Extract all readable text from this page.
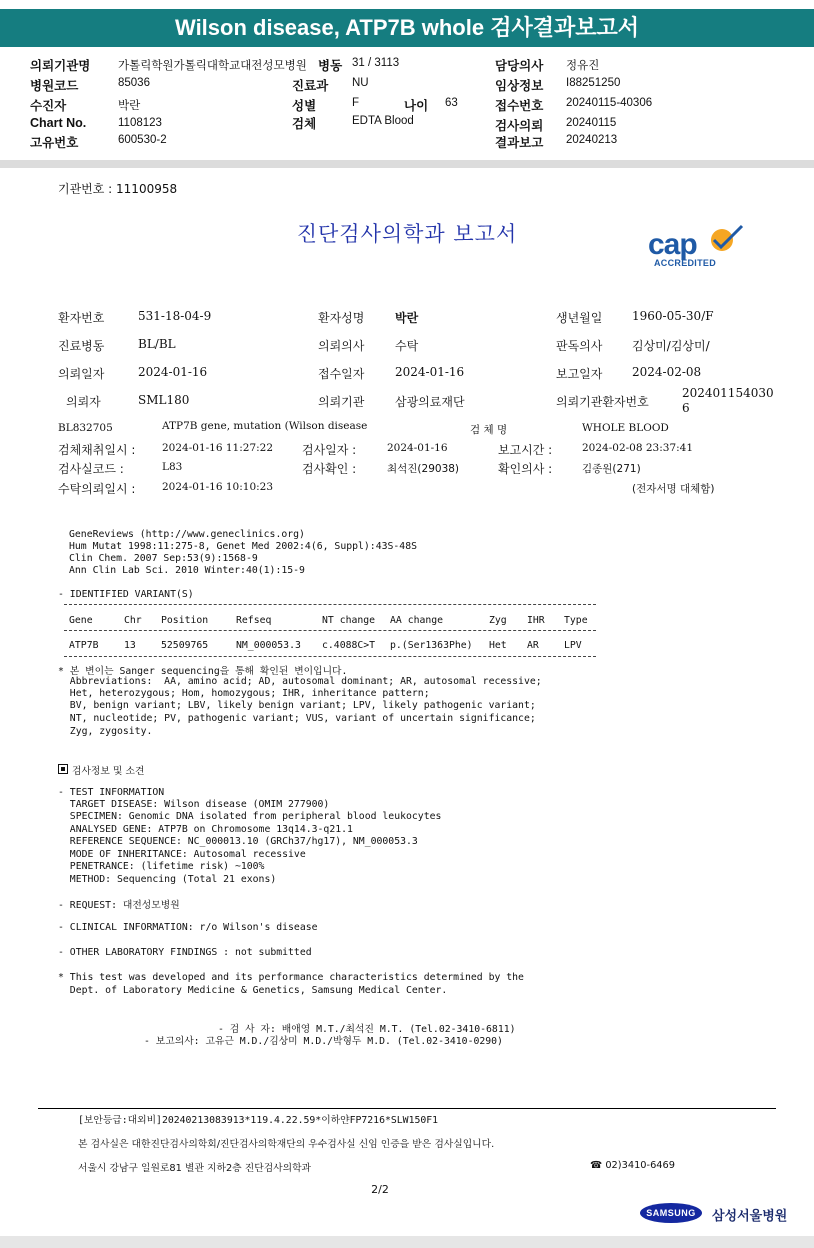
Wilson disease, ATP7B whole 검사결과보고서
의뢰기관명 가톨릭학원가톨릭대학교대전성모병원 병동 31 / 3113	담당의사 정유진
병원코드	85036	진료과 NU	임상정보 I88251250
수진자	박란	성별	F	나이 63	접수번호 20240115-40306
Chart No.	1108123	검체	EDTA Blood	검사의뢰 20240115
고유번호	600530-2	결과보고 20240213
기관번호 : 11100958
진단검사의학과 보고서	cap
ACCREDITED
환자번호	531-18-04-9	환자성명	박란	생년월일 1960-05-30/F
진료병동	BL/BL	의뢰의사	수탁	판독의사 김상미/김상미/
의뢰일자	2024-01-16	접수일자	2024-01-16	보고일자 2024-02-08
의뢰자	SML180	의뢰기관	삼광의료재단	의뢰기관환자번호
202401154030
6
BL832705	ATP7B gene, mutation (Wilson disease	검 체 명	WHOLE BLOOD
검체채취일시 :	2024-01-16 11:27:22 검사일자 :	2024-01-16	보고시간 :	2024-02-08 23:37:41
검사실코드 :	L83	검사확인 :	최석진(29038)	확인의사 :	김종원(271)
수탁의뢰일시 :	2024-01-16 10:10:23	(전자서명 대체함)
GeneReviews (http://www.geneclinics.org)
Hum Mutat 1998:11:275-8, Genet Med 2002:4(6, Suppl):43S-48S
Clin Chem. 2007 Sep:53(9):1568-9
Ann Clin Lab Sci. 2010 Winter:40(1):15-9
- IDENTIFIED VARIANT(S)
Gene	Chr Position	Refseq	NT change AA change	Zyg IHR Type
ATP7B	13	52509765	NM_000053.3 c.4088C>T p.(Ser1363Phe) Het AR	LPV
* 본 변이는 Sanger sequencing을 통해 확인된 변이입니다.
Abbreviations:  AA, amino acid; AD, autosomal dominant; AR, autosomal recessive;
Het, heterozygous; Hom, homozygous; IHR, inheritance pattern;
BV, benign variant; LBV, likely benign variant; LPV, likely pathogenic variant;
NT, nucleotide; PV, pathogenic variant; VUS, variant of uncertain significance;
Zyg, zygosity.
검사정보 및 소견
- TEST INFORMATION
TARGET DISEASE: Wilson disease (OMIM 277900)
SPECIMEN: Genomic DNA isolated from peripheral blood leukocytes
ANALYSED GENE: ATP7B on Chromosome 13q14.3-q21.1
REFERENCE SEQUENCE: NC_000013.10 (GRCh37/hg17), NM_000053.3
MODE OF INHERITANCE: Autosomal recessive
PENETRANCE: (lifetime risk) ~100%
METHOD: Sequencing (Total 21 exons)
- REQUEST: 대전성모병원
- CLINICAL INFORMATION: r/o Wilson's disease
- OTHER LABORATORY FINDINGS : not submitted
* This test was developed and its performance characteristics determined by the
Dept. of Laboratory Medicine & Genetics, Samsung Medical Center.
- 검 사 자: 배애영 M.T./최석진 M.T. (Tel.02-3410-6811)
- 보고의사: 고유근 M.D./김상미 M.D./박형두 M.D. (Tel.02-3410-0290)
[보안등급:대외비]20240213083913*119.4.22.59*이하얀FP7216*SLW150F1
본 검사실은 대한진단검사의학회/진단검사의학재단의 우수검사실 신임 인증을 받은 검사실입니다.
서울시 강남구 일원로81 별관 지하2층 진단검사의학과	☎ 02)3410-6469
2/2
SAMSUNG	삼성서울병원
